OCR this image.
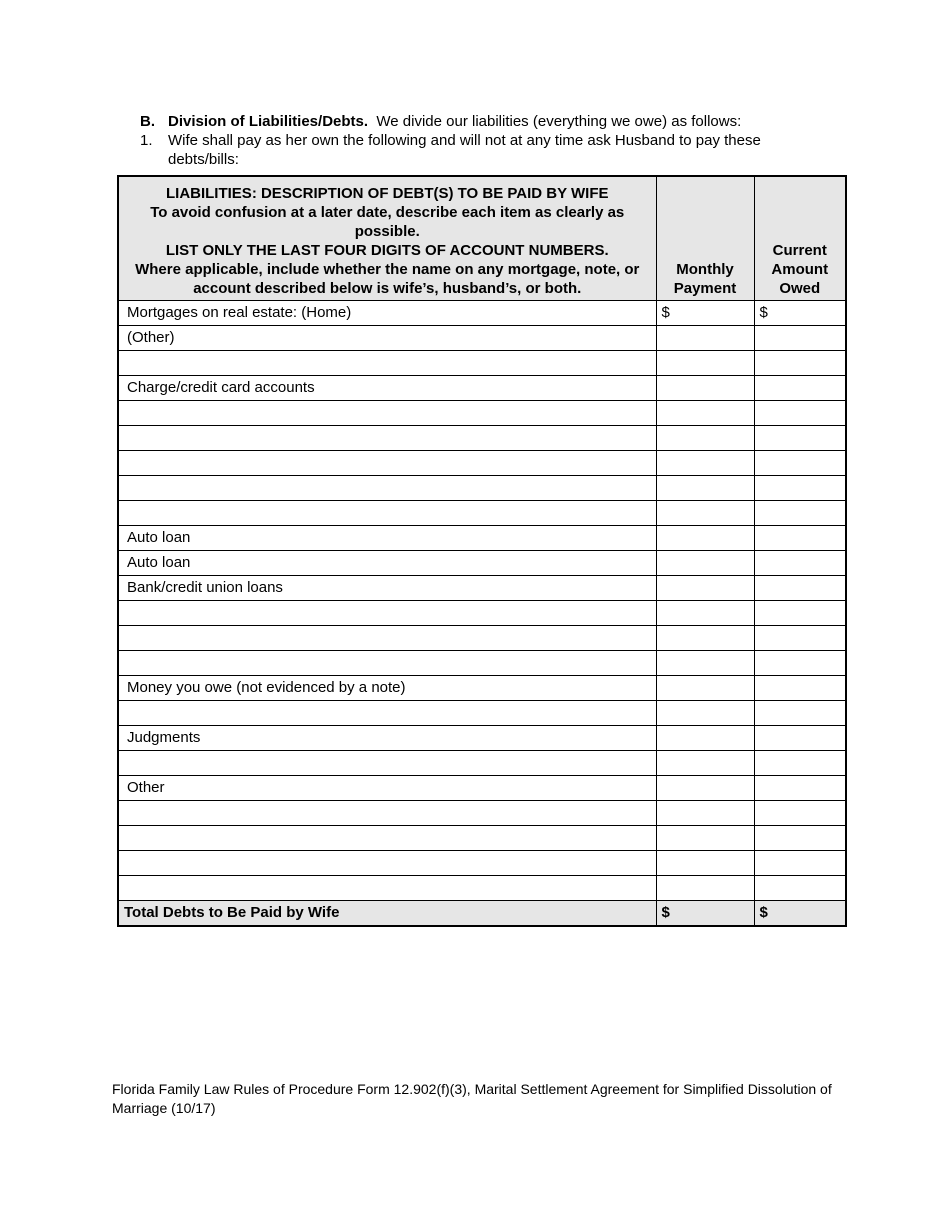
B. Division of Liabilities/Debts. We divide our liabilities (everything we owe) as follows:
1.	Wife shall pay as her own the following and will not at any time ask Husband to pay these debts/bills:
LIABILITIES: DESCRIPTION OF DEBT(S) TO BE PAID BY WIFE
To avoid confusion at a later date, describe each item as clearly as possible.
LIST ONLY THE LAST FOUR DIGITS OF ACCOUNT NUMBERS.
Where applicable, include whether the name on any mortgage, note, or account described below is wife’s, husband’s, or both.	Monthly Payment	Current Amount Owed
Mortgages on real estate: (Home)	$	$
(Other)		

Charge/credit card accounts		

Auto loan		
Auto loan		
Bank/credit union loans		

Money you owe (not evidenced by a note)		

Judgments		

Other		

Total Debts to Be Paid by Wife	$	$
Florida Family Law Rules of Procedure Form 12.902(f)(3), Marital Settlement Agreement for Simplified Dissolution of Marriage (10/17)
